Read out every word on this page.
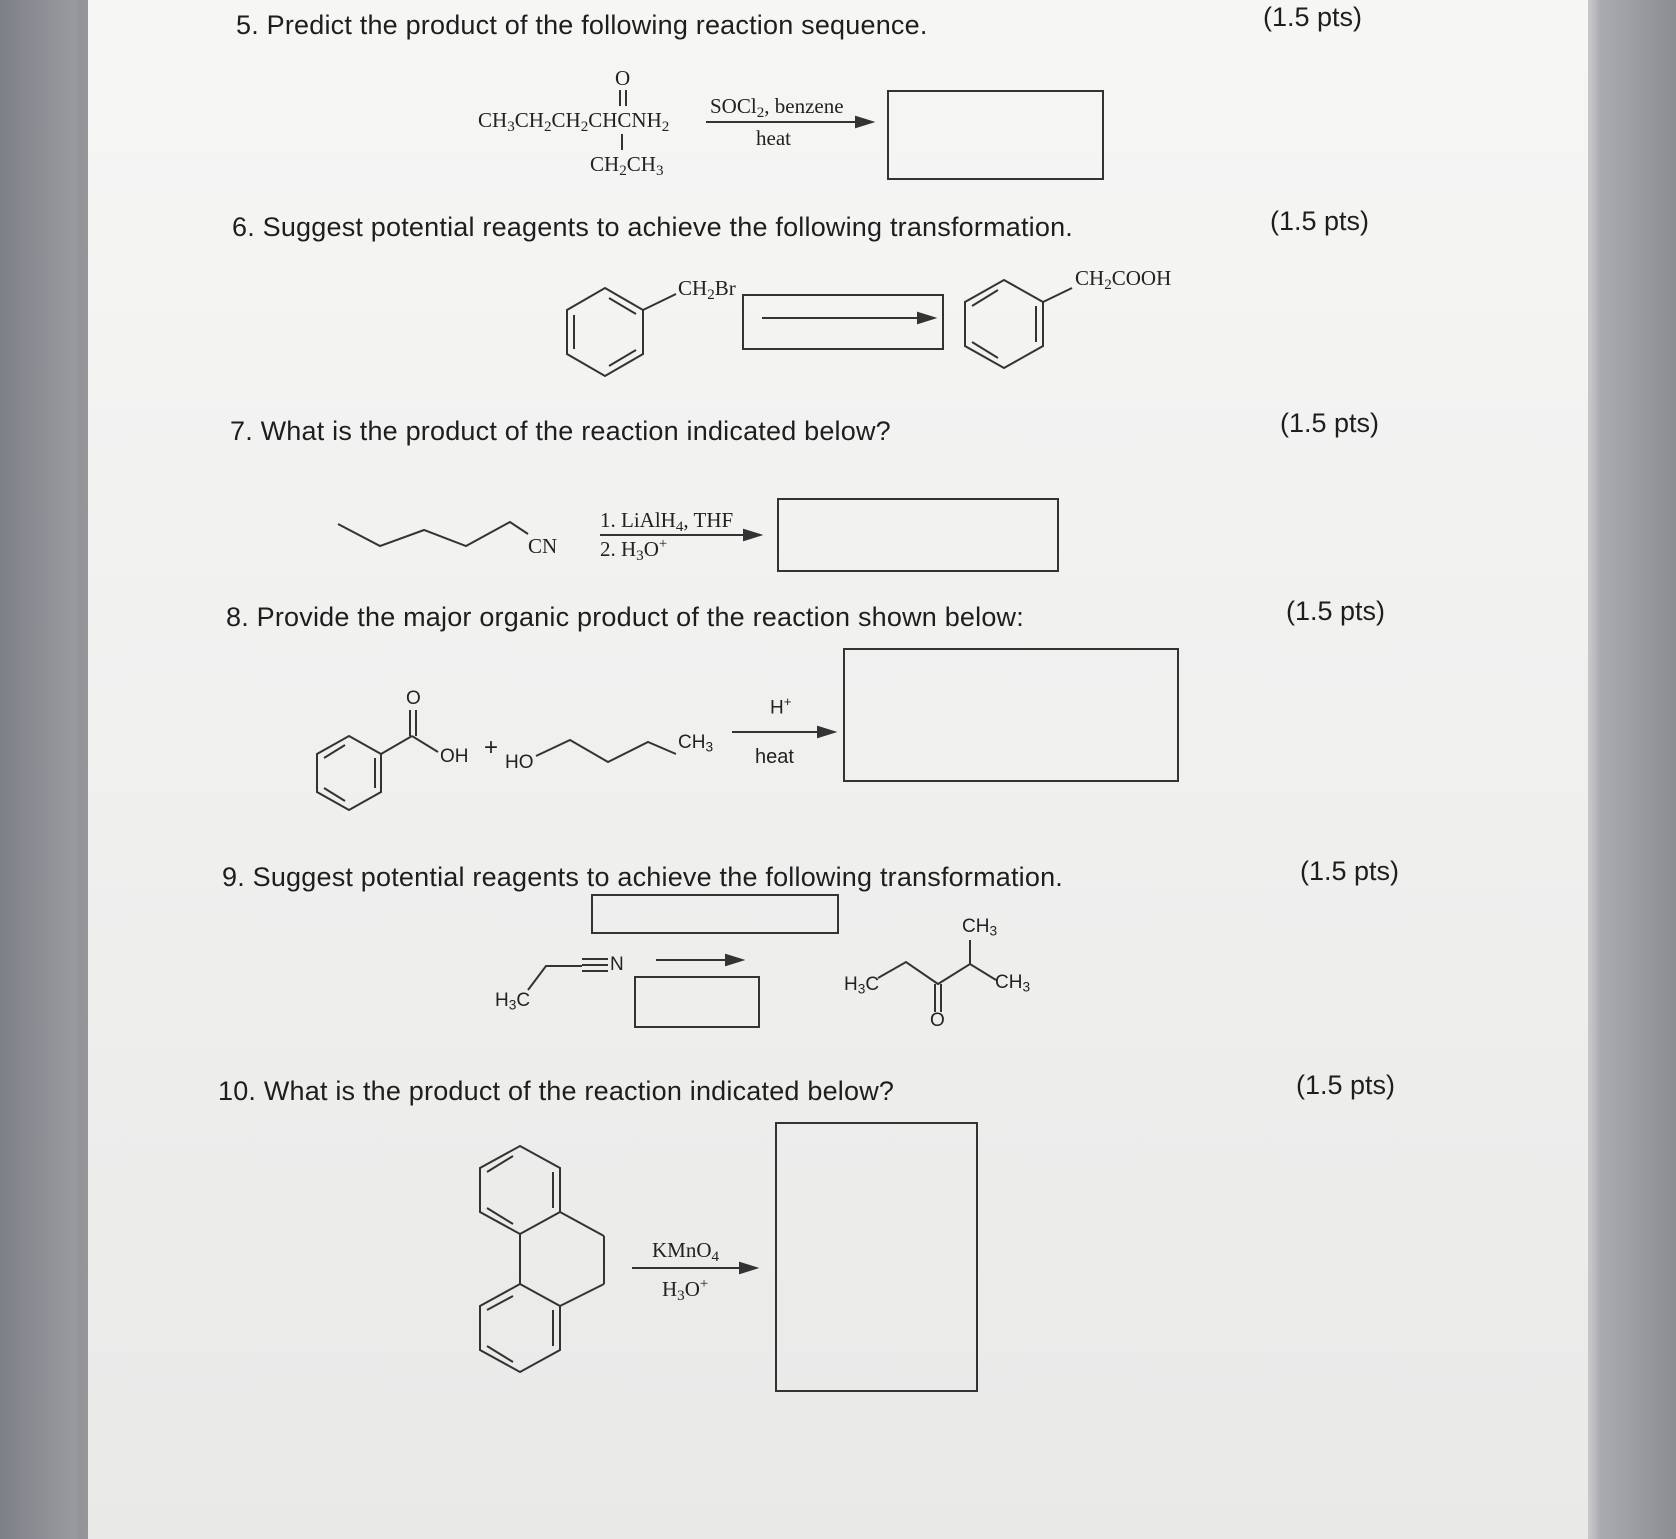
5. Predict the product of the following reaction sequence.	(1.5 pts)
O
$CH_3CH_2CH_2CHCNH_2$
$CH_2CH_3$
SOCl$_2$, benzene
heat
6. Suggest potential reagents to achieve the following transformation.	(1.5 pts)
$CH_2Br$	$CH_2COOH$
7. What is the product of the reaction indicated below?	(1.5 pts)
CN
1. LiAlH$_4$, THF
2. $H_3O^+$
8. Provide the major organic product of the reaction shown below:	(1.5 pts)
O
OH +
HO
$CH_3$
H+
heat
9. Suggest potential reagents to achieve the following transformation.	(1.5 pts)
$H_3C$
N
$H_3C$
$CH_3$
$CH_3$
O
10. What is the product of the reaction indicated below?	(1.5 pts)
KMnO$_4$
$H_3O^+$
